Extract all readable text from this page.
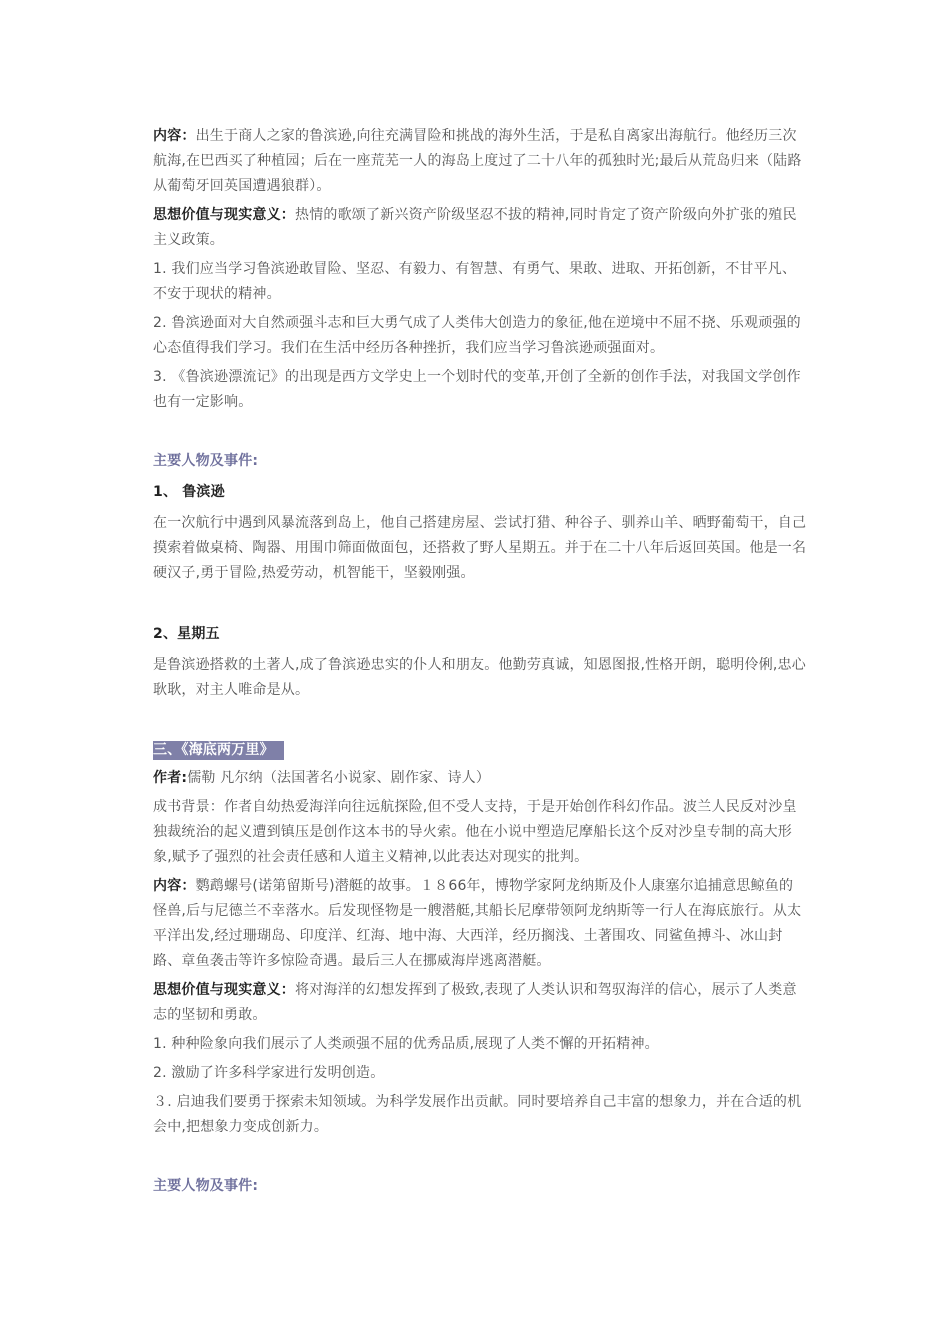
内容：出生于商人之家的鲁滨逊,向往充满冒险和挑战的海外生活，于是私自离家出海航行。他经历三次航海,在巴西买了种植园；后在一座荒芜一人的海岛上度过了二十八年的孤独时光;最后从荒岛归来（陆路从葡萄牙回英国遭遇狼群）。

思想价值与现实意义：热情的歌颂了新兴资产阶级坚忍不拔的精神,同时肯定了资产阶级向外扩张的殖民主义政策。

1. 我们应当学习鲁滨逊敢冒险、坚忍、有毅力、有智慧、有勇气、果敢、进取、开拓创新，不甘平凡、不安于现状的精神。

2. 鲁滨逊面对大自然顽强斗志和巨大勇气成了人类伟大创造力的象征,他在逆境中不屈不挠、乐观顽强的心态值得我们学习。我们在生活中经历各种挫折，我们应当学习鲁滨逊顽强面对。

3. 《鲁滨逊漂流记》的出现是西方文学史上一个划时代的变革,开创了全新的创作手法，对我国文学创作也有一定影响。

主要人物及事件:

1、 鲁滨逊

在一次航行中遇到风暴流落到岛上，他自己搭建房屋、尝试打猎、种谷子、驯养山羊、晒野葡萄干，自己摸索着做桌椅、陶器、用围巾筛面做面包，还搭救了野人星期五。并于在二十八年后返回英国。他是一名硬汉子,勇于冒险,热爱劳动，机智能干，坚毅刚强。

2、星期五

是鲁滨逊搭救的土著人,成了鲁滨逊忠实的仆人和朋友。他勤劳真诚，知恩图报,性格开朗，聪明伶俐,忠心耿耿，对主人唯命是从。

三、《海底两万里》

作者:儒勒 凡尔纳（法国著名小说家、剧作家、诗人）

成书背景：作者自幼热爱海洋向往远航探险,但不受人支持，于是开始创作科幻作品。波兰人民反对沙皇独裁统治的起义遭到镇压是创作这本书的导火索。他在小说中塑造尼摩船长这个反对沙皇专制的高大形象,赋予了强烈的社会责任感和人道主义精神,以此表达对现实的批判。

内容：鹦鹉螺号(诺第留斯号)潜艇的故事。１８66年，博物学家阿龙纳斯及仆人康塞尔追捕意思鲸鱼的怪兽,后与尼德兰不幸落水。后发现怪物是一艘潜艇,其船长尼摩带领阿龙纳斯等一行人在海底旅行。从太平洋出发,经过珊瑚岛、印度洋、红海、地中海、大西洋，经历搁浅、土著围攻、同鲨鱼搏斗、冰山封路、章鱼袭击等许多惊险奇遇。最后三人在挪威海岸逃离潜艇。

思想价值与现实意义：将对海洋的幻想发挥到了极致,表现了人类认识和驾驭海洋的信心，展示了人类意志的坚韧和勇敢。

1. 种种险象向我们展示了人类顽强不屈的优秀品质,展现了人类不懈的开拓精神。

2. 激励了许多科学家进行发明创造。

３. 启迪我们要勇于探索未知领域。为科学发展作出贡献。同时要培养自己丰富的想象力，并在合适的机会中,把想象力变成创新力。

主要人物及事件:
